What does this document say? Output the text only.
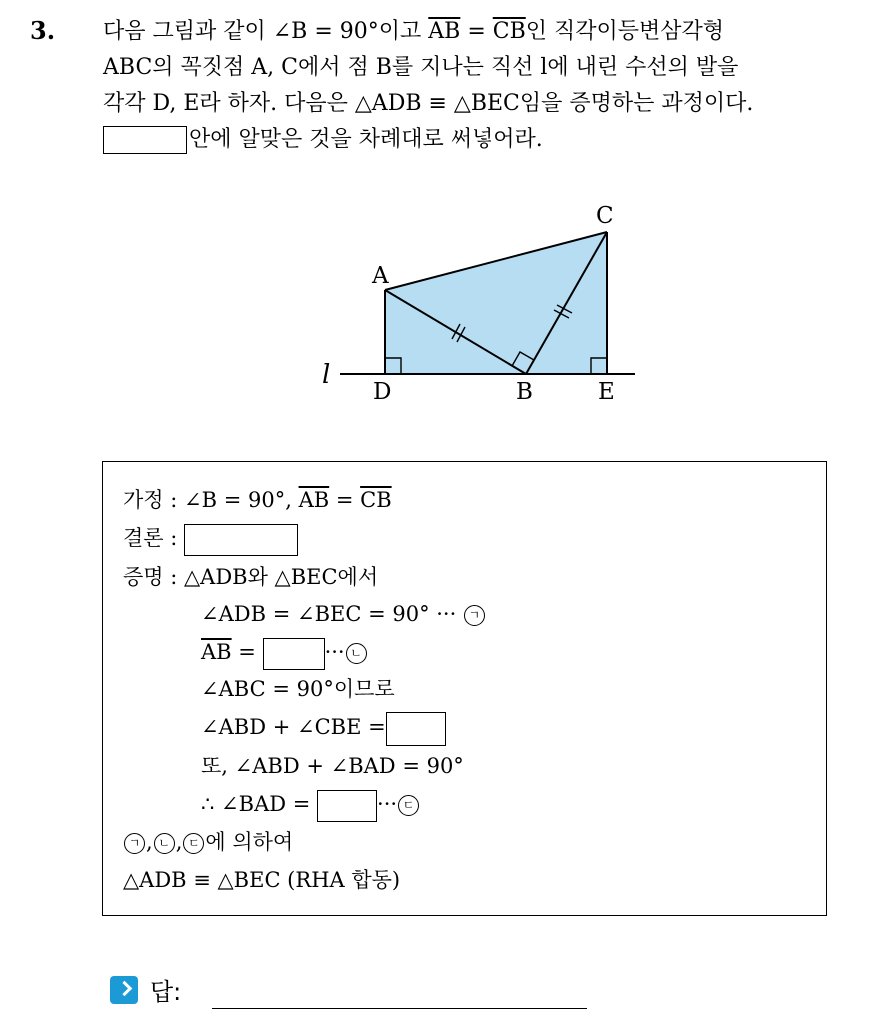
3. 다음 그림과 같이 ∠B = 90°이고 $\overline{AB} = \overline{CB}$인 직각이등변삼각형
ABC의 꼭짓점 A, C에서 점 B를 지나는 직선 l에 내린 수선의 발을
각각 D, E라 하자. 다음은 △ADB ≡ △BEC임을 증명하는 과정이다.
안에 알맞은 것을 차례대로 써넣어라.
A
C
D	B	E
l
가정 : ∠B = 90°, $\overline{AB} = \overline{CB}$
결론 :
증명 : △ADB와 △BEC에서
∠ADB = ∠BEC = 90° ··· ㄱ
$\overline{AB}$ =	··· ㄴ
∠ABC = 90°이므로
∠ABD + ∠CBE =
또, ∠ABD + ∠BAD = 90°
∴ ∠BAD =	··· ㄷ
ㄱ , ㄴ , ㄷ 에 의하여
△ADB ≡ △BEC (RHA 합동)
답:
